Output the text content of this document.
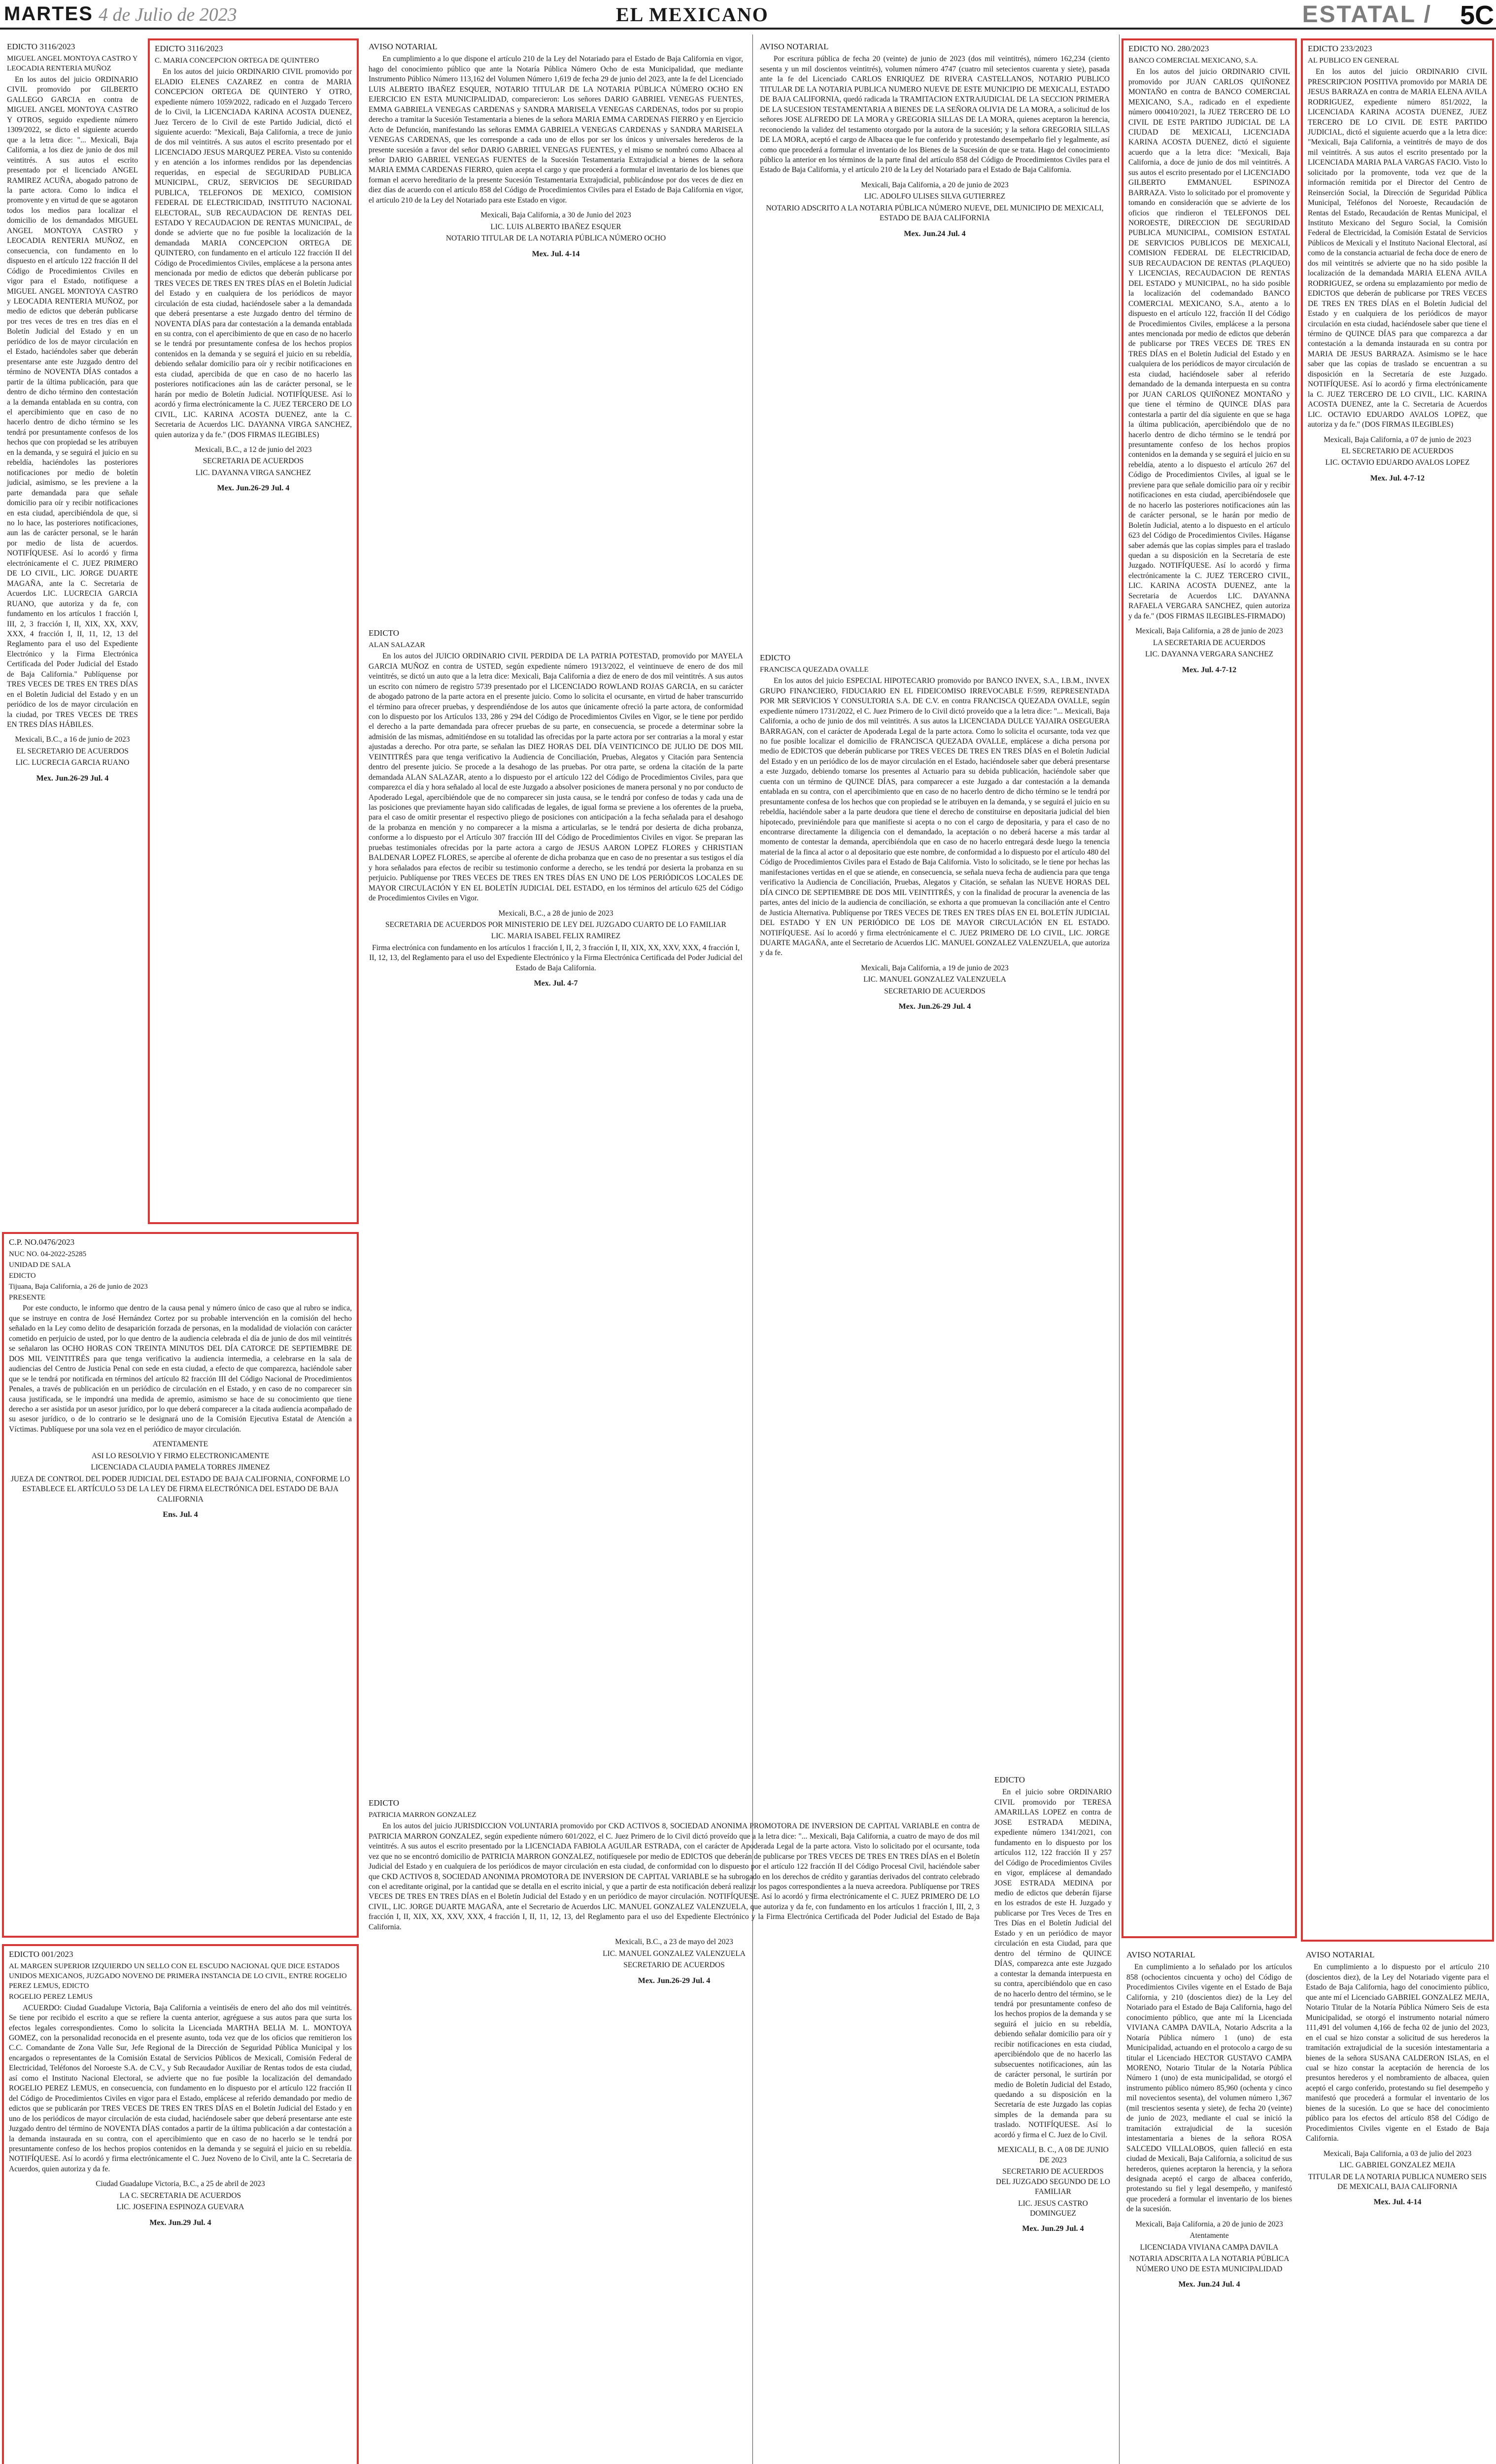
MARTES 4 de Julio de 2023	EL MEXICANO	ESTATAL / 5C
EDICTO 3116/2023
MIGUEL ANGEL MONTOYA CASTRO Y LEOCADIA RENTERIA MUÑOZ

En los autos del juicio ORDINARIO CIVIL promovido por GILBERTO GALLEGO GARCIA en contra de MIGUEL ANGEL MONTOYA CASTRO Y OTROS, seguido expediente número 1309/2022, se dicto el siguiente acuerdo que a la letra dice: "... Mexicali, Baja California, a los diez de junio de dos mil veintitrés. A sus autos el escrito presentado por el licenciado ANGEL RAMIREZ ACUÑA, abogado patrono de la parte actora. Como lo indica el promovente y en virtud de que se agotaron todos los medios para localizar el domicilio de los demandados MIGUEL ANGEL MONTOYA CASTRO y LEOCADIA RENTERIA MUÑOZ, en consecuencia, con fundamento en lo dispuesto en el artículo 122 fracción II del Código de Procedimientos Civiles en vigor para el Estado, notifíquese a MIGUEL ANGEL MONTOYA CASTRO y LEOCADIA RENTERIA MUÑOZ, por medio de edictos que deberán publicarse por tres veces de tres en tres días en el Boletín Judicial del Estado y en un periódico de los de mayor circulación en el Estado, haciéndoles saber que deberán presentarse ante este Juzgado dentro del término de NOVENTA DÍAS contados a partir de la última publicación, para que dentro de dicho término den contestación a la demanda entablada en su contra, con el apercibimiento que en caso de no hacerlo dentro de dicho término se les tendrá por presuntamente confesos de los hechos que con propiedad se les atribuyen en la demanda, y se seguirá el juicio en su rebeldía, haciéndoles las posteriores notificaciones por medio de boletín judicial, asimismo, se les previene a la parte demandada para que señale domicilio para oír y recibir notificaciones en esta ciudad, apercibiéndola de que, si no lo hace, las posteriores notificaciones, aun las de carácter personal, se le harán por medio de lista de acuerdos. NOTIFÍQUESE. Así lo acordó y firma electrónicamente el C. JUEZ PRIMERO DE LO CIVIL, LIC. JORGE DUARTE MAGAÑA, ante la C. Secretaria de Acuerdos LIC. LUCRECIA GARCIA RUANO, que autoriza y da fe, con fundamento en los artículos 1 fracción I, III, 2, 3 fracción I, II, XIX, XX, XXV, XXX, 4 fracción I, II, 11, 12, 13 del Reglamento para el uso del Expediente Electrónico y la Firma Electrónica Certificada del Poder Judicial del Estado de Baja California." Publíquense por TRES VECES DE TRES EN TRES DÍAS en el Boletín Judicial del Estado y en un periódico de los de mayor circulación en la ciudad, por TRES VECES DE TRES EN TRES DÍAS HÁBILES.

Mexicali, B.C., a 16 de junio de 2023
EL SECRETARIO DE ACUERDOS
LIC. LUCRECIA GARCIA RUANO
Mex. Jun.26-29 Jul. 4
EDICTO 3116/2023
C. MARIA CONCEPCION ORTEGA DE QUINTERO

En los autos del juicio ORDINARIO CIVIL promovido por ELADIO ELENES CAZAREZ en contra de MARIA CONCEPCION ORTEGA DE QUINTERO Y OTRO, expediente número 1059/2022, radicado en el Juzgado Tercero de lo Civil, la LICENCIADA KARINA ACOSTA DUENEZ, Juez Tercero de lo Civil de este Partido Judicial, dictó el siguiente acuerdo: "Mexicali, Baja California, a trece de junio de dos mil veintitrés. A sus autos el escrito presentado por el LICENCIADO JESUS MARQUEZ PEREA. Visto su contenido y en atención a los informes rendidos por las dependencias requeridas, en especial de SEGURIDAD PUBLICA MUNICIPAL, CRUZ, SERVICIOS DE SEGURIDAD PUBLICA, TELEFONOS DE MEXICO, COMISION FEDERAL DE ELECTRICIDAD, INSTITUTO NACIONAL ELECTORAL, SUB RECAUDACION DE RENTAS DEL ESTADO Y RECAUDACION DE RENTAS MUNICIPAL, de donde se advierte que no fue posible la localización de la demandada MARIA CONCEPCION ORTEGA DE QUINTERO, con fundamento en el artículo 122 fracción II del Código de Procedimientos Civiles, emplácese a la persona antes mencionada por medio de edictos que deberán publicarse por TRES VECES DE TRES EN TRES DÍAS en el Boletín Judicial del Estado y en cualquiera de los periódicos de mayor circulación de esta ciudad, haciéndosele saber a la demandada que deberá presentarse a este Juzgado dentro del término de NOVENTA DÍAS para dar contestación a la demanda entablada en su contra, con el apercibimiento de que en caso de no hacerlo se le tendrá por presuntamente confesa de los hechos propios contenidos en la demanda y se seguirá el juicio en su rebeldía, debiendo señalar domicilio para oír y recibir notificaciones en esta ciudad, apercibida de que en caso de no hacerlo las posteriores notificaciones aún las de carácter personal, se le harán por medio de Boletín Judicial. NOTIFÍQUESE. Así lo acordó y firma electrónicamente la C. JUEZ TERCERO DE LO CIVIL, LIC. KARINA ACOSTA DUENEZ, ante la C. Secretaria de Acuerdos LIC. DAYANNA VIRGA SANCHEZ, quien autoriza y da fe." (DOS FIRMAS ILEGIBLES)

Mexicali, B.C., a 12 de junio del 2023
SECRETARIA DE ACUERDOS
LIC. DAYANNA VIRGA SANCHEZ
Mex. Jun.26-29 Jul. 4
AVISO NOTARIAL

En cumplimiento a lo que dispone el artículo 210 de la Ley del Notariado para el Estado de Baja California en vigor, hago del conocimiento público que ante la Notaría Pública Número Ocho de esta Municipalidad, que mediante Instrumento Público Número 113,162 del Volumen Número 1,619 de fecha 29 de junio del 2023, ante la fe del Licenciado LUIS ALBERTO IBAÑEZ ESQUER, NOTARIO TITULAR DE LA NOTARIA PÚBLICA NÚMERO OCHO EN EJERCICIO EN ESTA MUNICIPALIDAD, comparecieron: Los señores DARIO GABRIEL VENEGAS FUENTES, EMMA GABRIELA VENEGAS CARDENAS y SANDRA MARISELA VENEGAS CARDENAS, todos por su propio derecho a tramitar la Sucesión Testamentaria a bienes de la señora MARIA EMMA CARDENAS FIERRO y en Ejercicio Acto de Defunción, manifestando las señoras EMMA GABRIELA VENEGAS CARDENAS y SANDRA MARISELA VENEGAS CARDENAS, que les corresponde a cada uno de ellos por ser los únicos y universales herederos de la presente sucesión a favor del señor DARIO GABRIEL VENEGAS FUENTES, y el mismo se nombró como Albacea al señor DARIO GABRIEL VENEGAS FUENTES de la Sucesión Testamentaria Extrajudicial a bienes de la señora MARIA EMMA CARDENAS FIERRO, quien acepta el cargo y que procederá a formular el inventario de los bienes que forman el acervo hereditario de la presente Sucesión Testamentaria Extrajudicial, publicándose por dos veces de diez en diez días de acuerdo con el artículo 858 del Código de Procedimientos Civiles para el Estado de Baja California en vigor, el artículo 210 de la Ley del Notariado para este Estado en vigor.

Mexicali, Baja California, a 30 de Junio del 2023
LIC. LUIS ALBERTO IBAÑEZ ESQUER
NOTARIO TITULAR DE LA NOTARIA PÚBLICA NÚMERO OCHO
Mex. Jul. 4-14
AVISO NOTARIAL

Por escritura pública de fecha 20 (veinte) de junio de 2023 (dos mil veintitrés), número 162,234 (ciento sesenta y un mil doscientos veintitrés), volumen número 4747 (cuatro mil setecientos cuarenta y siete), pasada ante la fe del Licenciado CARLOS ENRIQUEZ DE RIVERA CASTELLANOS, NOTARIO PUBLICO TITULAR DE LA NOTARIA PUBLICA NUMERO NUEVE DE ESTE MUNICIPIO DE MEXICALI, ESTADO DE BAJA CALIFORNIA, quedó radicada la TRAMITACION EXTRAJUDICIAL DE LA SECCION PRIMERA DE LA SUCESION TESTAMENTARIA A BIENES DE LA SEÑORA OLIVIA DE LA MORA, a solicitud de los señores JOSE ALFREDO DE LA MORA y GREGORIA SILLAS DE LA MORA, quienes aceptaron la herencia, reconociendo la validez del testamento otorgado por la autora de la sucesión; y la señora GREGORIA SILLAS DE LA MORA, aceptó el cargo de Albacea que le fue conferido y protestando desempeñarlo fiel y legalmente, así como que procederá a formular el inventario de los Bienes de la Sucesión de que se trata. Hago del conocimiento público la anterior en los términos de la parte final del artículo 858 del Código de Procedimientos Civiles para el Estado de Baja California, y el artículo 210 de la Ley del Notariado para el Estado de Baja California.

Mexicali, Baja California, a 20 de junio de 2023
LIC. ADOLFO ULISES SILVA GUTIERREZ
NOTARIO ADSCRITO A LA NOTARIA PÚBLICA NÚMERO NUEVE, DEL MUNICIPIO DE MEXICALI, ESTADO DE BAJA CALIFORNIA
Mex. Jun.24 Jul. 4
EDICTO NO. 280/2023
BANCO COMERCIAL MEXICANO, S.A.

En los autos del juicio ORDINARIO CIVIL promovido por JUAN CARLOS QUIÑONEZ MONTAÑO en contra de BANCO COMERCIAL MEXICANO, S.A., radicado en el expediente número 000410/2021, la JUEZ TERCERO DE LO CIVIL DE ESTE PARTIDO JUDICIAL DE LA CIUDAD DE MEXICALI, LICENCIADA KARINA ACOSTA DUENEZ, dictó el siguiente acuerdo que a la letra dice: "Mexicali, Baja California, a doce de junio de dos mil veintitrés. A sus autos el escrito presentado por el LICENCIADO GILBERTO EMMANUEL ESPINOZA BARRAZA. Visto lo solicitado por el promovente y tomando en consideración que se advierte de los oficios que rindieron el TELEFONOS DEL NOROESTE, DIRECCION DE SEGURIDAD PUBLICA MUNICIPAL, COMISION ESTATAL DE SERVICIOS PUBLICOS DE MEXICALI, COMISION FEDERAL DE ELECTRICIDAD, SUB RECAUDACION DE RENTAS (PLAQUEO) Y LICENCIAS, RECAUDACION DE RENTAS DEL ESTADO y MUNICIPAL, no ha sido posible la localización del codemandado BANCO COMERCIAL MEXICANO, S.A., atento a lo dispuesto en el artículo 122, fracción II del Código de Procedimientos Civiles, emplácese a la persona antes mencionada por medio de edictos que deberán de publicarse por TRES VECES DE TRES EN TRES DÍAS en el Boletín Judicial del Estado y en cualquiera de los periódicos de mayor circulación de esta ciudad, haciéndosele saber al referido demandado de la demanda interpuesta en su contra por JUAN CARLOS QUIÑONEZ MONTAÑO y que tiene el término de QUINCE DÍAS para contestarla a partir del día siguiente en que se haga la última publicación, apercibiéndolo que de no hacerlo dentro de dicho término se le tendrá por presuntamente confeso de los hechos propios contenidos en la demanda y se seguirá el juicio en su rebeldía, atento a lo dispuesto el artículo 267 del Código de Procedimientos Civiles, al igual se le previene para que señale domicilio para oír y recibir notificaciones en esta ciudad, apercibiéndosele que de no hacerlo las posteriores notificaciones aún las de carácter personal, se le harán por medio de Boletín Judicial, atento a lo dispuesto en el artículo 623 del Código de Procedimientos Civiles. Háganse saber además que las copias simples para el traslado quedan a su disposición en la Secretaría de este Juzgado. NOTIFÍQUESE. Así lo acordó y firma electrónicamente la C. JUEZ TERCERO CIVIL, LIC. KARINA ACOSTA DUENEZ, ante la Secretaria de Acuerdos LIC. DAYANNA RAFAELA VERGARA SANCHEZ, quien autoriza y da fe." (DOS FIRMAS ILEGIBLES-FIRMADO)

Mexicali, Baja California, a 28 de junio de 2023
LA SECRETARIA DE ACUERDOS
LIC. DAYANNA VERGARA SANCHEZ
Mex. Jul. 4-7-12
EDICTO 233/2023
AL PUBLICO EN GENERAL

En los autos del juicio ORDINARIO CIVIL PRESCRIPCION POSITIVA promovido por MARIA DE JESUS BARRAZA en contra de MARIA ELENA AVILA RODRIGUEZ, expediente número 851/2022, la LICENCIADA KARINA ACOSTA DUENEZ, JUEZ TERCERO DE LO CIVIL DE ESTE PARTIDO JUDICIAL, dictó el siguiente acuerdo que a la letra dice: "Mexicali, Baja California, a veintitrés de mayo de dos mil veintitrés. A sus autos el escrito presentado por la LICENCIADA MARIA PALA VARGAS FACIO. Visto lo solicitado por la promovente, toda vez que de la información remitida por el Director del Centro de Reinserción Social, la Dirección de Seguridad Pública Municipal, Teléfonos del Noroeste, Recaudación de Rentas del Estado, Recaudación de Rentas Municipal, el Instituto Mexicano del Seguro Social, la Comisión Federal de Electricidad, la Comisión Estatal de Servicios Públicos de Mexicali y el Instituto Nacional Electoral, así como de la constancia actuarial de fecha doce de enero de dos mil veintitrés se advierte que no ha sido posible la localización de la demandada MARIA ELENA AVILA RODRIGUEZ, se ordena su emplazamiento por medio de EDICTOS que deberán de publicarse por TRES VECES DE TRES EN TRES DÍAS en el Boletín Judicial del Estado y en cualquiera de los periódicos de mayor circulación en esta ciudad, haciéndosele saber que tiene el término de QUINCE DÍAS para que comparezca a dar contestación a la demanda instaurada en su contra por MARIA DE JESUS BARRAZA. Asimismo se le hace saber que las copias de traslado se encuentran a su disposición en la Secretaría de este Juzgado. NOTIFÍQUESE. Así lo acordó y firma electrónicamente la C. JUEZ TERCERO DE LO CIVIL, LIC. KARINA ACOSTA DUENEZ, ante la C. Secretaria de Acuerdos LIC. OCTAVIO EDUARDO AVALOS LOPEZ, que autoriza y da fe." (DOS FIRMAS ILEGIBLES)

Mexicali, Baja California, a 07 de junio de 2023
EL SECRETARIO DE ACUERDOS
LIC. OCTAVIO EDUARDO AVALOS LOPEZ
Mex. Jul. 4-7-12
EDICTO
ALAN SALAZAR

En los autos del JUICIO ORDINARIO CIVIL PERDIDA DE LA PATRIA POTESTAD, promovido por MAYELA GARCIA MUÑOZ en contra de USTED, según expediente número 1913/2022, el veintinueve de enero de dos mil veintitrés, se dictó un auto que a la letra dice: Mexicali, Baja California a diez de enero de dos mil veintitrés. A sus autos un escrito con número de registro 5739 presentado por el LICENCIADO ROWLAND ROJAS GARCIA, en su carácter de abogado patrono de la parte actora en el presente juicio. Como lo solicita el ocursante, en virtud de haber transcurrido el término para ofrecer pruebas, y desprendiéndose de los autos que únicamente ofreció la parte actora, de conformidad con lo dispuesto por los Artículos 133, 286 y 294 del Código de Procedimientos Civiles en Vigor, se le tiene por perdido el derecho a la parte demandada para ofrecer pruebas de su parte, en consecuencia, se procede a determinar sobre la admisión de las mismas, admitiéndose en su totalidad las ofrecidas por la parte actora por ser contrarias a la moral y estar ajustadas a derecho. Por otra parte, se señalan las DIEZ HORAS DEL DÍA VEINTICINCO DE JULIO DE DOS MIL VEINTITRÉS para que tenga verificativo la Audiencia de Conciliación, Pruebas, Alegatos y Citación para Sentencia dentro del presente juicio. Se procede a la desahogo de las pruebas. Por otra parte, se ordena la citación de la parte demandada ALAN SALAZAR, atento a lo dispuesto por el artículo 122 del Código de Procedimientos Civiles, para que comparezca el día y hora señalado al local de este Juzgado a absolver posiciones de manera personal y no por conducto de Apoderado Legal, apercibiéndole que de no comparecer sin justa causa, se le tendrá por confeso de todas y cada una de las posiciones que previamente hayan sido calificadas de legales, de igual forma se previene a los oferentes de la prueba, para el caso de omitir presentar el respectivo pliego de posiciones con anticipación a la fecha señalada para el desahogo de la probanza en mención y no comparecer a la misma a articularlas, se le tendrá por desierta de dicha probanza, conforme a lo dispuesto por el Artículo 307 fracción III del Código de Procedimientos Civiles en vigor. Se preparan las pruebas testimoniales ofrecidas por la parte actora a cargo de JESUS AARON LOPEZ FLORES y CHRISTIAN BALDENAR LOPEZ FLORES, se apercibe al oferente de dicha probanza que en caso de no presentar a sus testigos el día y hora señalados para efectos de recibir su testimonio conforme a derecho, se les tendrá por desierta la probanza en su perjuicio. Publíquense por TRES VECES DE TRES EN TRES DÍAS EN UNO DE LOS PERIÓDICOS LOCALES DE MAYOR CIRCULACIÓN Y EN EL BOLETÍN JUDICIAL DEL ESTADO, en los términos del artículo 625 del Código de Procedimientos Civiles en Vigor.

Mexicali, B.C., a 28 de junio de 2023
SECRETARIA DE ACUERDOS POR MINISTERIO DE LEY DEL JUZGADO CUARTO DE LO FAMILIAR
LIC. MARIA ISABEL FELIX RAMIREZ
Firma electrónica con fundamento en los artículos 1 fracción I, II, 2, 3 fracción I, II, XIX, XX, XXV, XXX, 4 fracción I, II, 12, 13, del Reglamento para el uso del Expediente Electrónico y la Firma Electrónica Certificada del Poder Judicial del Estado de Baja California.
Mex. Jul. 4-7
EDICTO
FRANCISCA QUEZADA OVALLE

En los autos del juicio ESPECIAL HIPOTECARIO promovido por BANCO INVEX, S.A., I.B.M., INVEX GRUPO FINANCIERO, FIDUCIARIO EN EL FIDEICOMISO IRREVOCABLE F/599, REPRESENTADA POR MR SERVICIOS Y CONSULTORIA S.A. DE C.V. en contra FRANCISCA QUEZADA OVALLE, según expediente número 1731/2022, el C. Juez Primero de lo Civil dictó proveído que a la letra dice: "... Mexicali, Baja California, a ocho de junio de dos mil veintitrés. A sus autos la LICENCIADA DULCE YAJAIRA OSEGUERA BARRAGAN, con el carácter de Apoderada Legal de la parte actora. Como lo solicita el ocursante, toda vez que no fue posible localizar el domicilio de FRANCISCA QUEZADA OVALLE, emplácese a dicha persona por medio de EDICTOS que deberán publicarse por TRES VECES DE TRES EN TRES DÍAS en el Boletín Judicial del Estado y en un periódico de los de mayor circulación en el Estado, haciéndosele saber que deberá presentarse a este Juzgado, debiendo tomarse los presentes al Actuario para su debida publicación, haciéndole saber que cuenta con un término de QUINCE DÍAS, para comparecer a este Juzgado a dar contestación a la demanda entablada en su contra, con el apercibimiento que en caso de no hacerlo dentro de dicho término se le tendrá por presuntamente confesa de los hechos que con propiedad se le atribuyen en la demanda, y se seguirá el juicio en su rebeldía, haciéndole saber a la parte deudora que tiene el derecho de constituirse en depositaria judicial del bien hipotecado, previniéndole para que manifieste si acepta o no con el cargo de depositaria, y para el caso de no encontrarse directamente la diligencia con el demandado, la aceptación o no deberá hacerse a más tardar al momento de contestar la demanda, apercibiéndola que en caso de no hacerlo entregará desde luego la tenencia material de la finca al actor o al depositario que este nombre, de conformidad a lo dispuesto por el artículo 480 del Código de Procedimientos Civiles para el Estado de Baja California. Visto lo solicitado, se le tiene por hechas las manifestaciones vertidas en el que se atiende, en consecuencia, se señala nueva fecha de audiencia para que tenga verificativo la Audiencia de Conciliación, Pruebas, Alegatos y Citación, se señalan las NUEVE HORAS DEL DÍA CINCO DE SEPTIEMBRE DE DOS MIL VEINTITRÉS, y con la finalidad de procurar la avenencia de las partes, antes del inicio de la audiencia de conciliación, se exhorta a que promuevan la conciliación ante el Centro de Justicia Alternativa. Publíquense por TRES VECES DE TRES EN TRES DÍAS EN EL BOLETÍN JUDICIAL DEL ESTADO Y EN UN PERIÓDICO DE LOS DE MAYOR CIRCULACIÓN EN EL ESTADO. NOTIFÍQUESE. Así lo acordó y firma electrónicamente el C. JUEZ PRIMERO DE LO CIVIL, LIC. JORGE DUARTE MAGAÑA, ante el Secretario de Acuerdos LIC. MANUEL GONZALEZ VALENZUELA, que autoriza y da fe.

Mexicali, Baja California, a 19 de junio de 2023
LIC. MANUEL GONZALEZ VALENZUELA
SECRETARIO DE ACUERDOS
Mex. Jun.26-29 Jul. 4
C.P. NO.0476/2023
NUC NO. 04-2022-25285
UNIDAD DE SALA
EDICTO
Tijuana, Baja California, a 26 de junio de 2023
PRESENTE

Por este conducto, le informo que dentro de la causa penal y número único de caso que al rubro se indica, que se instruye en contra de José Hernández Cortez por su probable intervención en la comisión del hecho señalado en la Ley como delito de desaparición forzada de personas, en la modalidad de violación con carácter cometido en perjuicio de usted, por lo que dentro de la audiencia celebrada el día de junio de dos mil veintitrés se señalaron las OCHO HORAS CON TREINTA MINUTOS DEL DÍA CATORCE DE SEPTIEMBRE DE DOS MIL VEINTITRÉS para que tenga verificativo la audiencia intermedia, a celebrarse en la sala de audiencias del Centro de Justicia Penal con sede en esta ciudad, a efecto de que comparezca, haciéndole saber que se le tendrá por notificada en términos del artículo 82 fracción III del Código Nacional de Procedimientos Penales, a través de publicación en un periódico de circulación en el Estado, y en caso de no comparecer sin causa justificada, se le impondrá una medida de apremio, asimismo se hace de su conocimiento que tiene derecho a ser asistida por un asesor jurídico, por lo que deberá comparecer a la citada audiencia acompañado de su asesor jurídico, o de lo contrario se le designará uno de la Comisión Ejecutiva Estatal de Atención a Víctimas. Publíquese por una sola vez en el periódico de mayor circulación.

ATENTAMENTE
ASI LO RESOLVIO Y FIRMO ELECTRONICAMENTE
LICENCIADA CLAUDIA PAMELA TORRES JIMENEZ
JUEZA DE CONTROL DEL PODER JUDICIAL DEL ESTADO DE BAJA CALIFORNIA, CONFORME LO ESTABLECE EL ARTÍCULO 53 DE LA LEY DE FIRMA ELECTRÓNICA DEL ESTADO DE BAJA CALIFORNIA
Ens. Jul. 4
EDICTO 001/2023
AL MARGEN SUPERIOR IZQUIERDO UN SELLO CON EL ESCUDO NACIONAL QUE DICE ESTADOS UNIDOS MEXICANOS, JUZGADO NOVENO DE PRIMERA INSTANCIA DE LO CIVIL, ENTRE ROGELIO PEREZ LEMUS, EDICTO
ROGELIO PEREZ LEMUS

ACUERDO: Ciudad Guadalupe Victoria, Baja California a veintiséis de enero del año dos mil veintitrés. Se tiene por recibido el escrito a que se refiere la cuenta anterior, agréguese a sus autos para que surta los efectos legales correspondientes. Como lo solicita la Licenciada MARTHA BELIA M. L. MONTOYA GOMEZ, con la personalidad reconocida en el presente asunto, toda vez que de los oficios que remitieron los C.C. Comandante de Zona Valle Sur, Jefe Regional de la Dirección de Seguridad Pública Municipal y los encargados o representantes de la Comisión Estatal de Servicios Públicos de Mexicali, Comisión Federal de Electricidad, Teléfonos del Noroeste S.A. de C.V., y Sub Recaudador Auxiliar de Rentas todos de esta ciudad, así como el Instituto Nacional Electoral, se advierte que no fue posible la localización del demandado ROGELIO PEREZ LEMUS, en consecuencia, con fundamento en lo dispuesto por el artículo 122 fracción II del Código de Procedimientos Civiles en vigor para el Estado, emplácese al referido demandado por medio de edictos que se publicarán por TRES VECES DE TRES EN TRES DÍAS en el Boletín Judicial del Estado y en uno de los periódicos de mayor circulación de esta ciudad, haciéndosele saber que deberá presentarse ante este Juzgado dentro del término de NOVENTA DÍAS contados a partir de la última publicación a dar contestación a la demanda instaurada en su contra, con el apercibimiento que en caso de no hacerlo se le tendrá por presuntamente confeso de los hechos propios contenidos en la demanda y se seguirá el juicio en su rebeldía. NOTIFÍQUESE. Así lo acordó y firma electrónicamente el C. Juez Noveno de lo Civil, ante la C. Secretaria de Acuerdos, quien autoriza y da fe.

Ciudad Guadalupe Victoria, B.C., a 25 de abril de 2023
LA C. SECRETARIA DE ACUERDOS
LIC. JOSEFINA ESPINOZA GUEVARA
Mex. Jun.29 Jul. 4
EDICTO
PATRICIA MARRON GONZALEZ

En los autos del juicio JURISDICCION VOLUNTARIA promovido por CKD ACTIVOS 8, SOCIEDAD ANONIMA PROMOTORA DE INVERSION DE CAPITAL VARIABLE en contra de PATRICIA MARRON GONZALEZ, según expediente número 601/2022, el C. Juez Primero de lo Civil dictó proveído que a la letra dice: "... Mexicali, Baja California, a cuatro de mayo de dos mil veintitrés. A sus autos el escrito presentado por la LICENCIADA FABIOLA AGUILAR ESTRADA, con el carácter de Apoderada Legal de la parte actora. Visto lo solicitado por el ocursante, toda vez que no se encontró domicilio de PATRICIA MARRON GONZALEZ, notifíquesele por medio de EDICTOS que deberán de publicarse por TRES VECES DE TRES EN TRES DÍAS en el Boletín Judicial del Estado y en cualquiera de los periódicos de mayor circulación en esta ciudad, de conformidad con lo dispuesto por el artículo 122 fracción II del Código Procesal Civil, haciéndole saber que CKD ACTIVOS 8, SOCIEDAD ANONIMA PROMOTORA DE INVERSION DE CAPITAL VARIABLE se ha subrogado en los derechos de crédito y garantías derivados del contrato celebrado con el acreditante original, por la cantidad que se detalla en el escrito inicial, y que a partir de esta notificación deberá realizar los pagos correspondientes a la nueva acreedora. Publíquense por TRES VECES DE TRES EN TRES DÍAS en el Boletín Judicial del Estado y en un periódico de mayor circulación. NOTIFÍQUESE. Así lo acordó y firma electrónicamente el C. JUEZ PRIMERO DE LO CIVIL, LIC. JORGE DUARTE MAGAÑA, ante el Secretario de Acuerdos LIC. MANUEL GONZALEZ VALENZUELA, que autoriza y da fe, con fundamento en los artículos 1 fracción I, III, 2, 3 fracción I, II, XIX, XX, XXV, XXX, 4 fracción I, II, 11, 12, 13, del Reglamento para el uso del Expediente Electrónico y la Firma Electrónica Certificada del Poder Judicial del Estado de Baja California.

Mexicali, B.C., a 23 de mayo del 2023
LIC. MANUEL GONZALEZ VALENZUELA
SECRETARIO DE ACUERDOS
Mex. Jun.26-29 Jul. 4
EDICTO

En el juicio sobre ORDINARIO CIVIL promovido por TERESA AMARILLAS LOPEZ en contra de JOSE ESTRADA MEDINA, expediente número 1341/2021, con fundamento en lo dispuesto por los artículos 112, 122 fracción II y 257 del Código de Procedimientos Civiles en vigor, emplácese al demandado JOSE ESTRADA MEDINA por medio de edictos que deberán fijarse en los estrados de este H. Juzgado y publicarse por Tres Veces de Tres en Tres Días en el Boletín Judicial del Estado y en un periódico de mayor circulación en esta Ciudad, para que dentro del término de QUINCE DÍAS, comparezca ante este Juzgado a contestar la demanda interpuesta en su contra, apercibiéndolo que en caso de no hacerlo dentro del término, se le tendrá por presuntamente confeso de los hechos propios de la demanda y se seguirá el juicio en su rebeldía, debiendo señalar domicilio para oír y recibir notificaciones en esta ciudad, apercibiéndolo que de no hacerlo las subsecuentes notificaciones, aún las de carácter personal, le surtirán por medio de Boletín Judicial del Estado, quedando a su disposición en la Secretaría de este Juzgado las copias simples de la demanda para su traslado. NOTIFÍQUESE. Así lo acordó y firma el C. Juez de lo Civil.

MEXICALI, B. C., A 08 DE JUNIO DE 2023
SECRETARIO DE ACUERDOS DEL JUZGADO SEGUNDO DE LO FAMILIAR
LIC. JESUS CASTRO DOMINGUEZ
Mex. Jun.29 Jul. 4
AVISO NOTARIAL

En cumplimiento a lo señalado por los artículos 858 (ochocientos cincuenta y ocho) del Código de Procedimientos Civiles vigente en el Estado de Baja California, y 210 (doscientos diez) de la Ley del Notariado para el Estado de Baja California, hago del conocimiento público, que ante mí la Licenciada VIVIANA CAMPA DAVILA, Notario Adscrita a la Notaría Pública número 1 (uno) de esta Municipalidad, actuando en el protocolo a cargo de su titular el Licenciado HECTOR GUSTAVO CAMPA MORENO, Notario Titular de la Notaría Pública Número 1 (uno) de esta municipalidad, se otorgó el instrumento público número 85,960 (ochenta y cinco mil novecientos sesenta), del volumen número 1,367 (mil trescientos sesenta y siete), de fecha 20 (veinte) de junio de 2023, mediante el cual se inició la tramitación extrajudicial de la sucesión intestamentaria a bienes de la señora ROSA SALCEDO VILLALOBOS, quien falleció en esta ciudad de Mexicali, Baja California, a solicitud de sus herederos, quienes aceptaron la herencia, y la señora designada aceptó el cargo de albacea conferido, protestando su fiel y legal desempeño, y manifestó que procederá a formular el inventario de los bienes de la sucesión.

Mexicali, Baja California, a 20 de junio de 2023
Atentamente
LICENCIADA VIVIANA CAMPA DAVILA
NOTARIA ADSCRITA A LA NOTARIA PÚBLICA NÚMERO UNO DE ESTA MUNICIPALIDAD
Mex. Jun.24 Jul. 4
AVISO NOTARIAL

En cumplimiento a lo dispuesto por el artículo 210 (doscientos diez), de la Ley del Notariado vigente para el Estado de Baja California, hago del conocimiento público, que ante mí el Licenciado GABRIEL GONZALEZ MEJIA, Notario Titular de la Notaría Pública Número Seis de esta Municipalidad, se otorgó el instrumento notarial número 111,491 del volumen 4,166 de fecha 02 de junio del 2023, en el cual se hizo constar a solicitud de sus herederos la tramitación extrajudicial de la sucesión intestamentaria a bienes de la señora SUSANA CALDERON ISLAS, en el cual se hizo constar la aceptación de herencia de los presuntos herederos y el nombramiento de albacea, quien aceptó el cargo conferido, protestando su fiel desempeño y manifestó que procederá a formular el inventario de los bienes de la sucesión. Lo que se hace del conocimiento público para los efectos del artículo 858 del Código de Procedimientos Civiles vigente en el Estado de Baja California.

Mexicali, Baja California, a 03 de julio del 2023
LIC. GABRIEL GONZALEZ MEJIA
TITULAR DE LA NOTARIA PUBLICA NUMERO SEIS DE MEXICALI, BAJA CALIFORNIA
Mex. Jul. 4-14
